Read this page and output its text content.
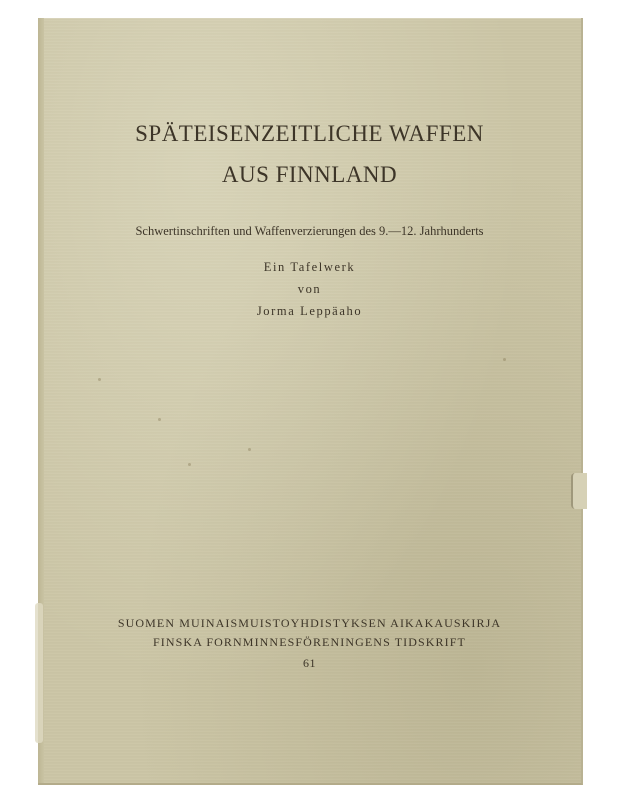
SPÄTEISENZEITLICHE WAFFEN
AUS FINNLAND
Schwertinschriften und Waffenverzierungen des 9.—12. Jahrhunderts
Ein Tafelwerk
von
Jorma Leppäaho
SUOMEN MUINAISMUISTOYHDISTYKSEN AIKAKAUSKIRJA
FINSKA FORNMINNESFÖRENINGENS TIDSKRIFT
61
